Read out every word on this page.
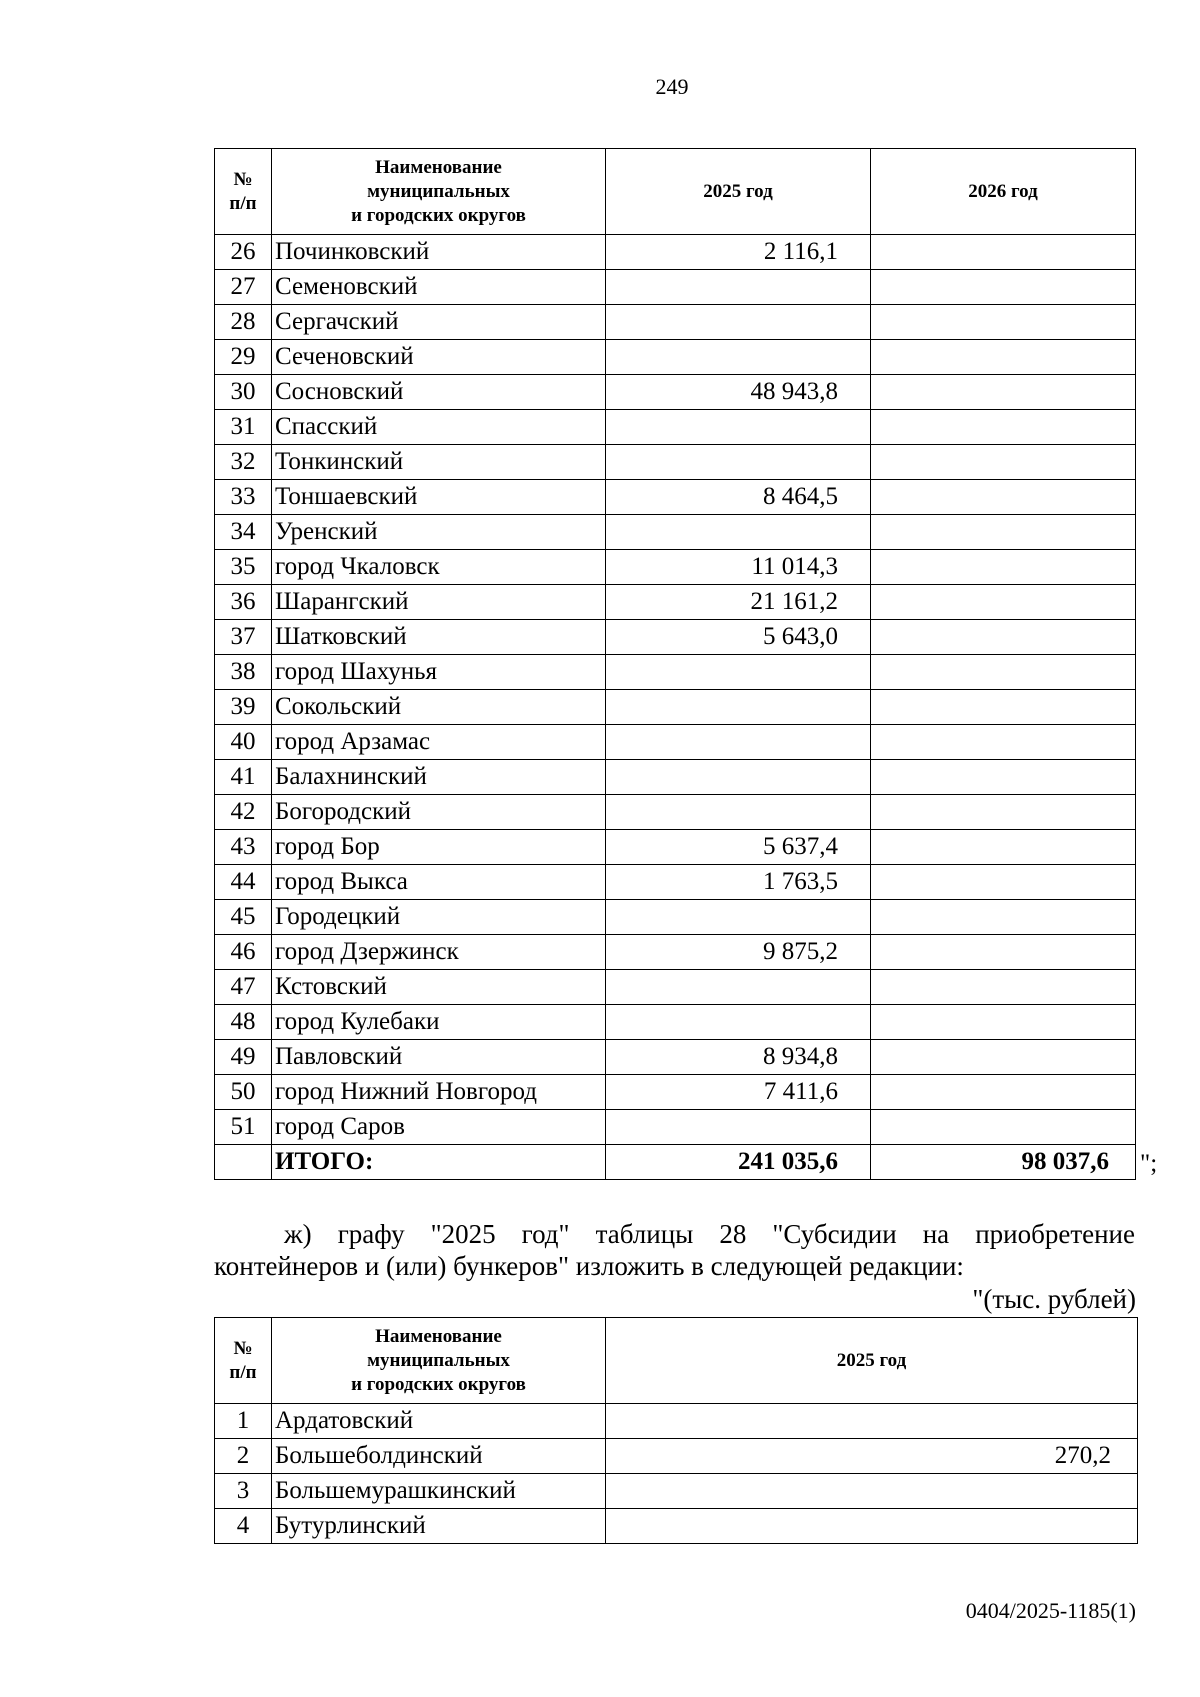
249
№
п/п	Наименование
муниципальных
и городских округов	2025 год	2026 год
26	Починковский	2 116,1	
27	Семеновский		
28	Сергачский		
29	Сеченовский		
30	Сосновский	48 943,8	
31	Спасский		
32	Тонкинский		
33	Тоншаевский	8 464,5	
34	Уренский		
35	город Чкаловск	11 014,3	
36	Шарангский	21 161,2	
37	Шатковский	5 643,0	
38	город Шахунья		
39	Сокольский		
40	город Арзамас		
41	Балахнинский		
42	Богородский		
43	город Бор	5 637,4	
44	город Выкса	1 763,5	
45	Городецкий		
46	город Дзержинск	9 875,2	
47	Кстовский		
48	город Кулебаки		
49	Павловский	8 934,8	
50	город Нижний Новгород	7 411,6	
51	город Саров		
	ИТОГО:	241 035,6	98 037,6 ";
ж) графу "2025 год" таблицы 28 "Субсидии на приобретение
контейнеров и (или) бункеров" изложить в следующей редакции:
"(тыс. рублей)
№
п/п	Наименование
муниципальных
и городских округов	2025 год
1	Ардатовский	
2	Большеболдинский	270,2
3	Большемурашкинский	
4	Бутурлинский	
0404/2025-1185(1)
